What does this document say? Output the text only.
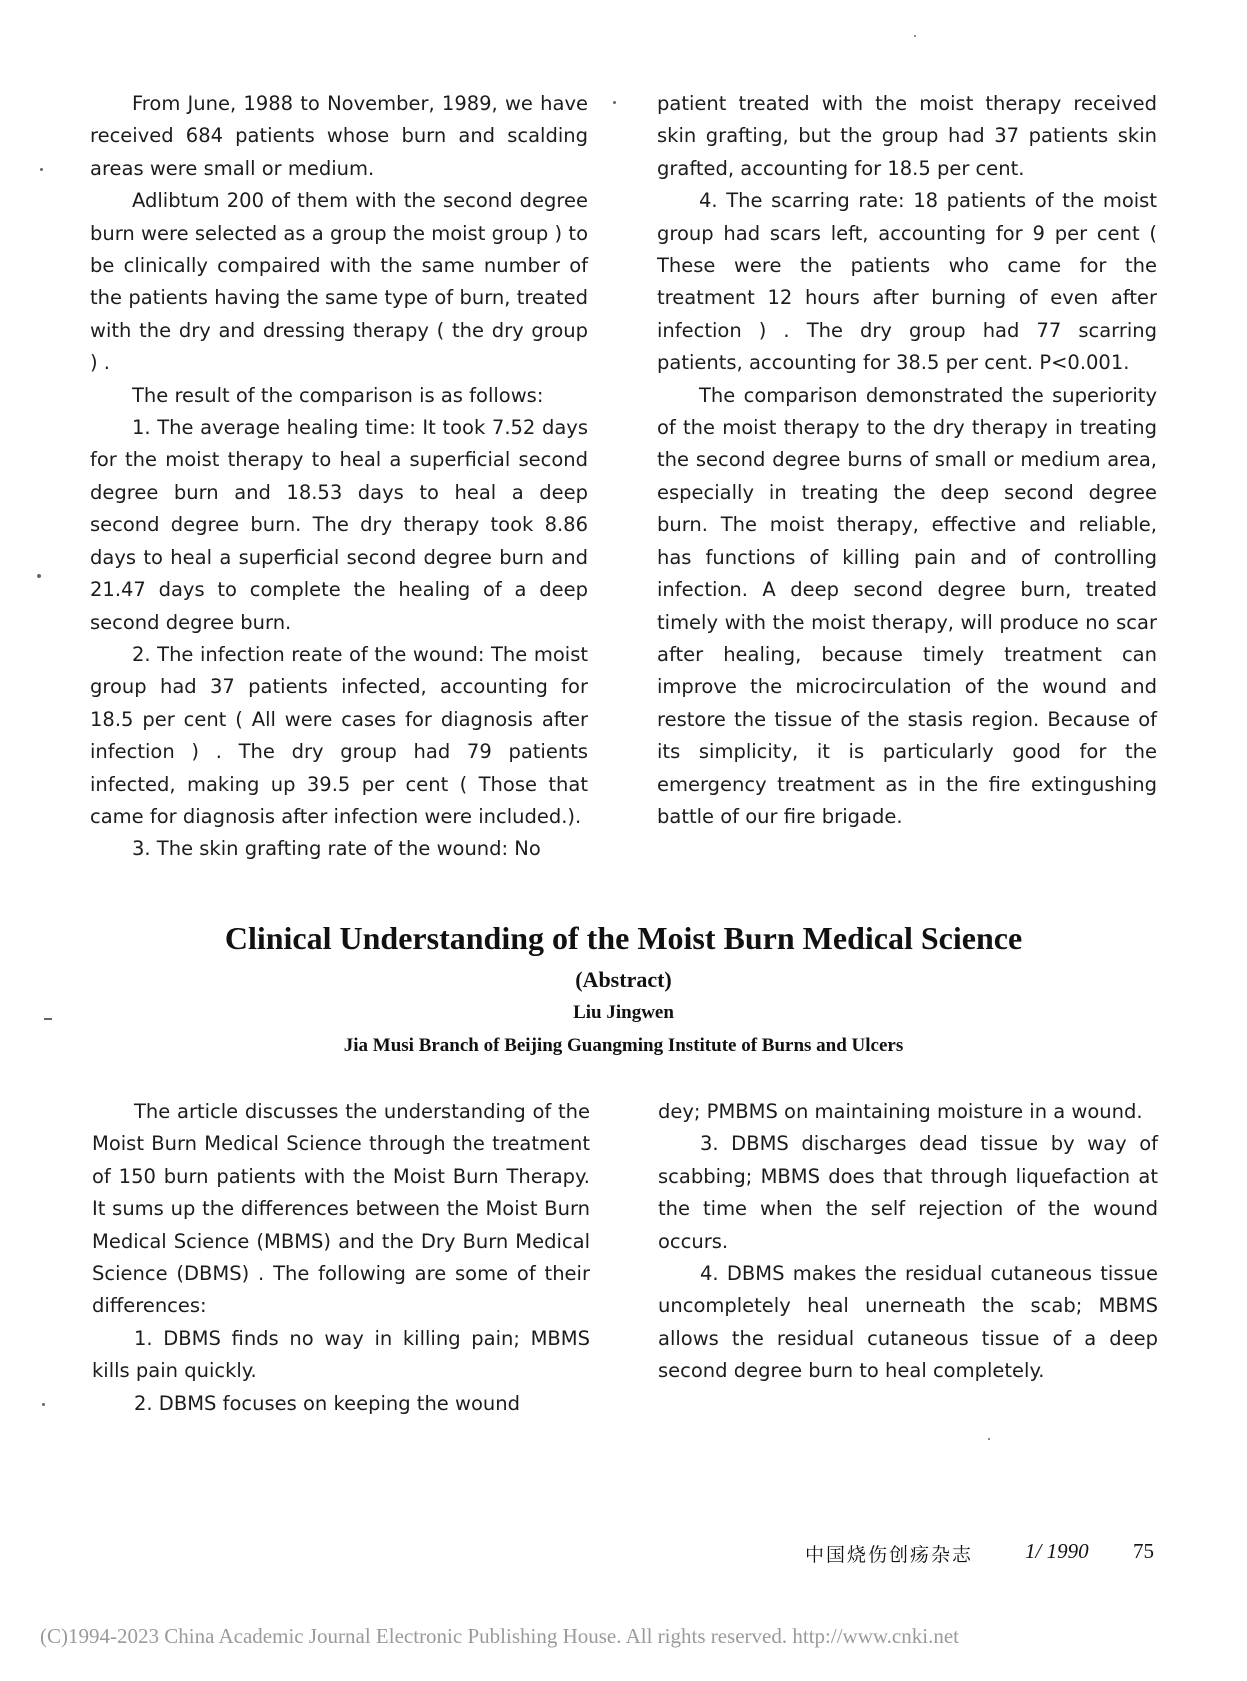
From June, 1988 to November, 1989, we have received 684 patients whose burn and scalding areas were small or medium.

Adlibtum 200 of them with the second degree burn were selected as a group the moist group ) to be clinically compaired with the same number of the patients having the same type of burn, treated with the dry and dressing therapy ( the dry group ) .

The result of the comparison is as follows:

1. The average healing time: It took 7.52 days for the moist therapy to heal a superficial second degree burn and 18.53 days to heal a deep second degree burn. The dry therapy took 8.86 days to heal a superficial second degree burn and 21.47 days to complete the healing of a deep second degree burn.

2. The infection reate of the wound: The moist group had 37 patients infected, accounting for 18.5 per cent ( All were cases for diagnosis after infection ) . The dry group had 79 patients infected, making up 39.5 per cent ( Those that came for diagnosis after infection were included.).

3. The skin grafting rate of the wound: No

patient treated with the moist therapy received skin grafting, but the group had 37 patients skin grafted, accounting for 18.5 per cent.

4. The scarring rate: 18 patients of the moist group had scars left, accounting for 9 per cent ( These were the patients who came for the treatment 12 hours after burning of even after infection ) . The dry group had 77 scarring patients, accounting for 38.5 per cent. P<0.001.

The comparison demonstrated the superiority of the moist therapy to the dry therapy in treating the second degree burns of small or medium area, especially in treating the deep second degree burn. The moist therapy, effective and reliable, has functions of killing pain and of controlling infection. A deep second degree burn, treated timely with the moist therapy, will produce no scar after healing, because timely treatment can improve the microcirculation of the wound and restore the tissue of the stasis region. Because of its simplicity, it is particularly good for the emergency treatment as in the fire extingushing battle of our fire brigade.

Clinical Understanding of the Moist Burn Medical Science
(Abstract)
Liu Jingwen
Jia Musi Branch of Beijing Guangming Institute of Burns and Ulcers

The article discusses the understanding of the Moist Burn Medical Science through the treatment of 150 burn patients with the Moist Burn Therapy. It sums up the differences between the Moist Burn Medical Science (MBMS) and the Dry Burn Medical Science (DBMS) . The following are some of their differences:

1. DBMS finds no way in killing pain; MBMS kills pain quickly.

2. DBMS focuses on keeping the wound

dey; PMBMS on maintaining moisture in a wound.

3. DBMS discharges dead tissue by way of scabbing; MBMS does that through liquefaction at the time when the self rejection of the wound occurs.

4. DBMS makes the residual cutaneous tissue uncompletely heal unerneath the scab; MBMS allows the residual cutaneous tissue of a deep second degree burn to heal completely.

中国烧伤创疡杂志 1/ 1990 75
(C)1994-2023 China Academic Journal Electronic Publishing House. All rights reserved. http://www.cnki.net
